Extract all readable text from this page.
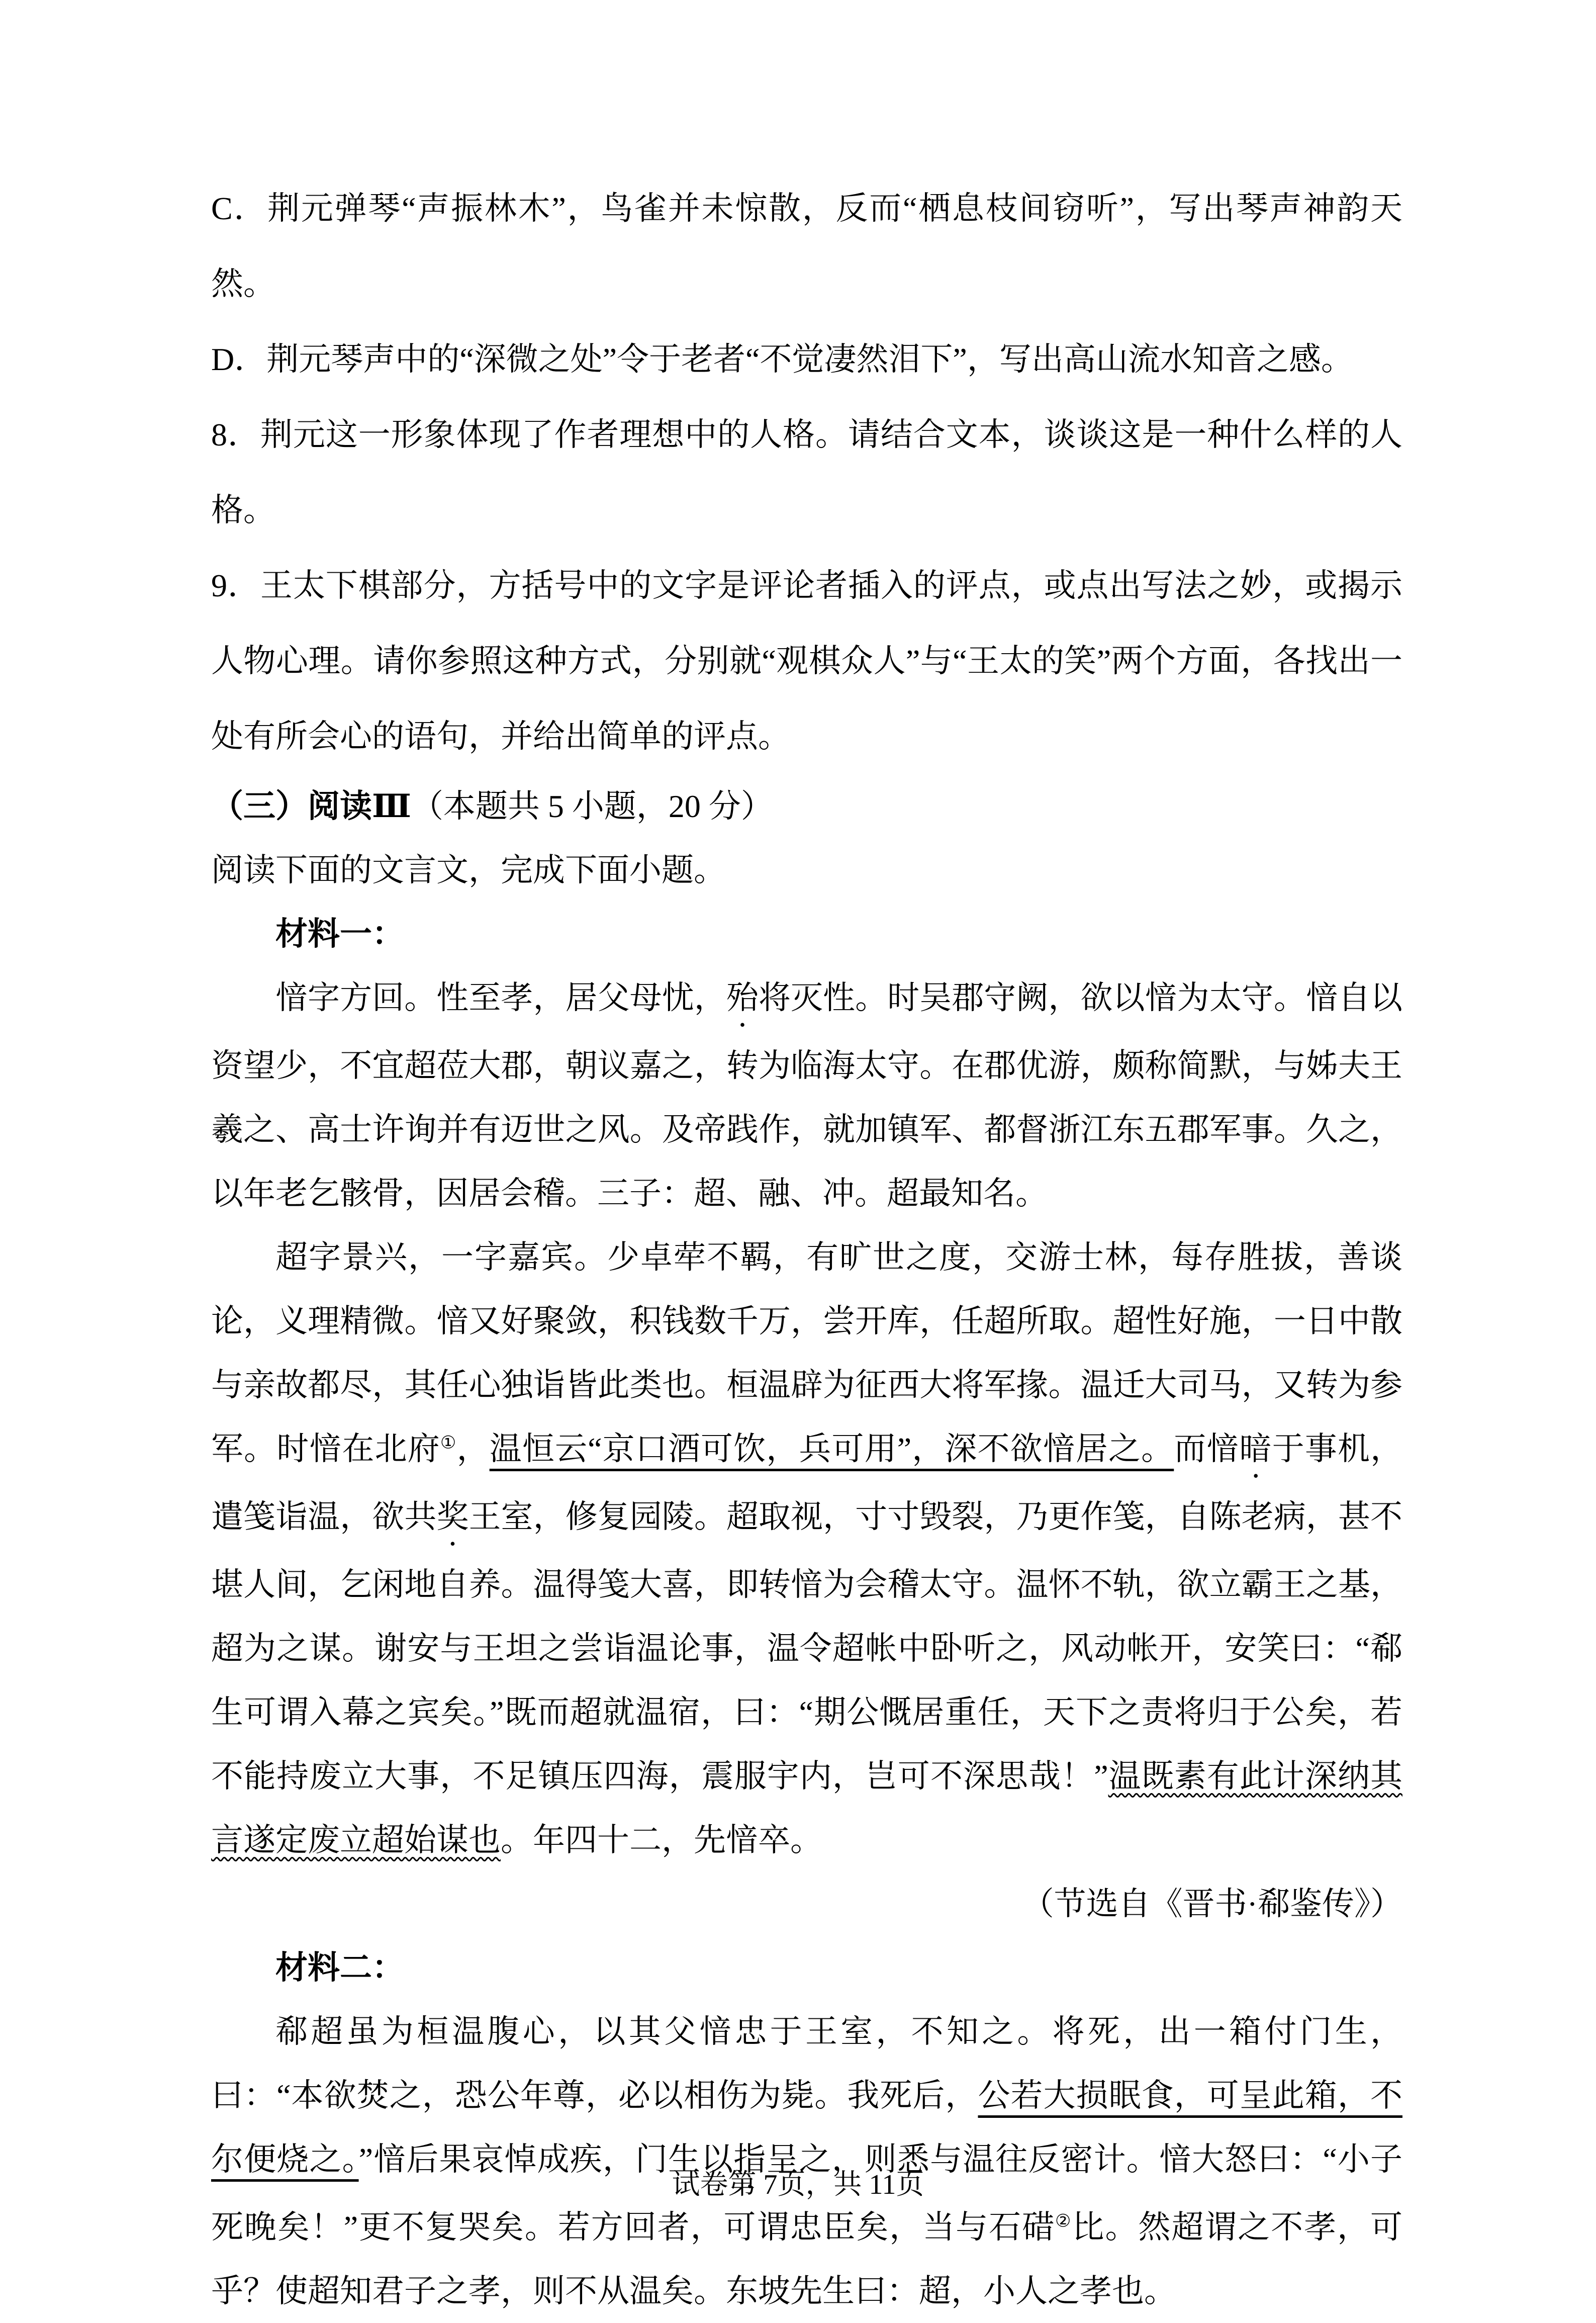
C．荆元弹琴“声振林木”，鸟雀并未惊散，反而“栖息枝间窃听”，写出琴声神韵天然。

D．荆元琴声中的“深微之处”令于老者“不觉凄然泪下”，写出高山流水知音之感。

8．荆元这一形象体现了作者理想中的人格。请结合文本，谈谈这是一种什么样的人格。

9．王太下棋部分，方括号中的文字是评论者插入的评点，或点出写法之妙，或揭示人物心理。请你参照这种方式，分别就“观棋众人”与“王太的笑”两个方面，各找出一处有所会心的语句，并给出简单的评点。

（三）阅读Ⅲ（本题共 5 小题，20 分）

阅读下面的文言文，完成下面小题。

材料一：

愔字方回。性至孝，居父母忧，殆将灭性。时吴郡守阙，欲以愔为太守。愔自以资望少，不宜超莅大郡，朝议嘉之，转为临海太守。在郡优游，颇称简默，与姊夫王羲之、高士许询并有迈世之风。及帝践作，就加镇军、都督浙江东五郡军事。久之，以年老乞骸骨，因居会稽。三子：超、融、冲。超最知名。

超字景兴，一字嘉宾。少卓荦不羁，有旷世之度，交游士林，每存胜拔，善谈论，义理精微。愔又好聚敛，积钱数千万，尝开库，任超所取。超性好施，一日中散与亲故都尽，其任心独诣皆此类也。桓温辟为征西大将军掾。温迁大司马，又转为参军。时愔在北府①，温恒云“京口酒可饮，兵可用”，深不欲愔居之。而愔暗于事机，遣笺诣温，欲共奖王室，修复园陵。超取视，寸寸毁裂，乃更作笺，自陈老病，甚不堪人间，乞闲地自养。温得笺大喜，即转愔为会稽太守。温怀不轨，欲立霸王之基，超为之谋。谢安与王坦之尝诣温论事，温令超帐中卧听之，风动帐开，安笑曰：“郗生可谓入幕之宾矣。”既而超就温宿，曰：“期公慨居重任，天下之责将归于公矣，若不能持废立大事，不足镇压四海，震服宇内，岂可不深思哉！”温既素有此计深纳其言遂定废立超始谋也。年四十二，先愔卒。

（节选自《晋书·郗鉴传》）

材料二：

郗超虽为桓温腹心，以其父愔忠于王室，不知之。将死，出一箱付门生，曰：“本欲焚之，恐公年尊，必以相伤为毙。我死后，公若大损眠食，可呈此箱，不尔便烧之。”愔后果哀悼成疾，门生以指呈之，则悉与温往反密计。愔大怒曰：“小子死晚矣！”更不复哭矣。若方回者，可谓忠臣矣，当与石碏②比。然超谓之不孝，可乎？使超知君子之孝，则不从温矣。东坡先生曰：超，小人之孝也。

试卷第 7页，共 11页
